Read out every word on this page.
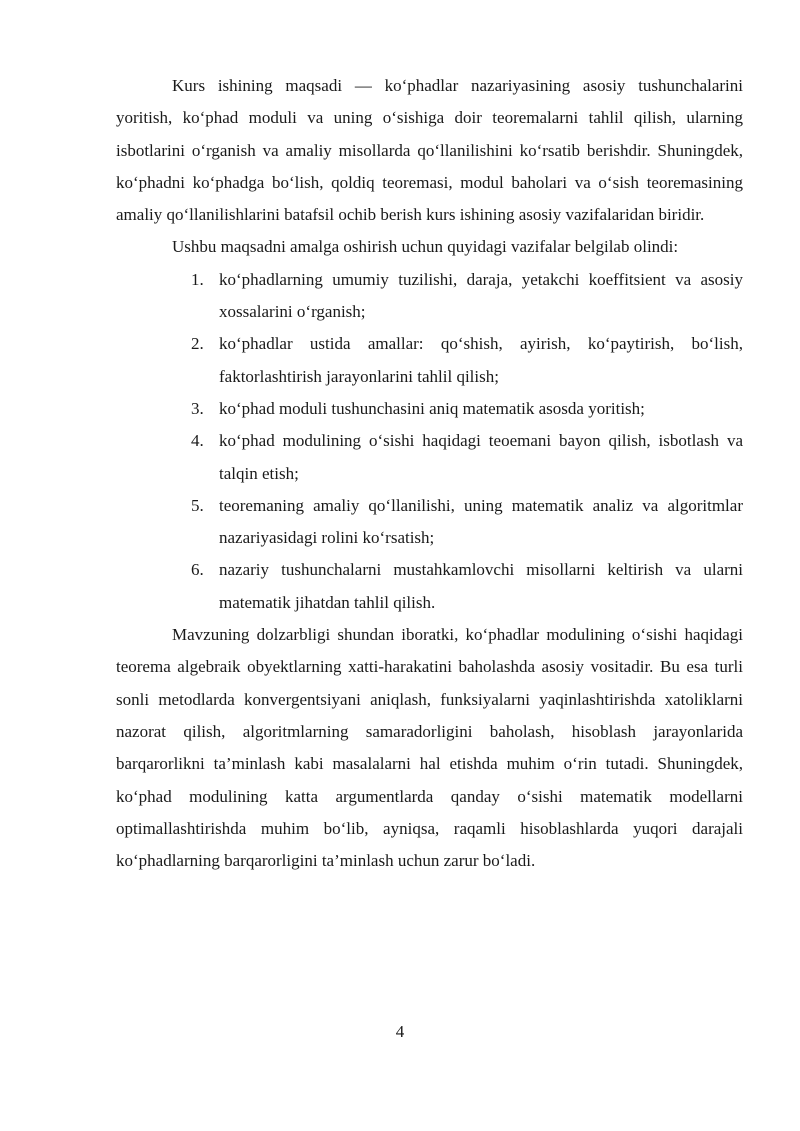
Kurs ishining maqsadi — ko‘phadlar nazariyasining asosiy tushunchalarini yoritish, ko‘phad moduli va uning o‘sishiga doir teoremalarni tahlil qilish, ularning isbotlarini o‘rganish va amaliy misollarda qo‘llanilishini ko‘rsatib berishdir. Shuningdek, ko‘phadni ko‘phadga bo‘lish, qoldiq teoremasi, modul baholari va o‘sish teoremasining amaliy qo‘llanilishlarini batafsil ochib berish kurs ishining asosiy vazifalaridan biridir.

Ushbu maqsadni amalga oshirish uchun quyidagi vazifalar belgilab olindi:

1. ko‘phadlarning umumiy tuzilishi, daraja, yetakchi koeffitsient va asosiy xossalarini o‘rganish;
2. ko‘phadlar ustida amallar: qo‘shish, ayirish, ko‘paytirish, bo‘lish, faktorlashtirish jarayonlarini tahlil qilish;
3. ko‘phad moduli tushunchasini aniq matematik asosda yoritish;
4. ko‘phad modulining o‘sishi haqidagi teoemani bayon qilish, isbotlash va talqin etish;
5. teoremaning amaliy qo‘llanilishi, uning matematik analiz va algoritmlar nazariyasidagi rolini ko‘rsatish;
6. nazariy tushunchalarni mustahkamlovchi misollarni keltirish va ularni matematik jihatdan tahlil qilish.

Mavzuning dolzarbligi shundan iboratki, ko‘phadlar modulining o‘sishi haqidagi teorema algebraik obyektlarning xatti-harakatini baholashda asosiy vositadir. Bu esa turli sonli metodlarda konvergentsiyani aniqlash, funksiyalarni yaqinlashtirishda xatoliklarni nazorat qilish, algoritmlarning samaradorligini baholash, hisoblash jarayonlarida barqarorlikni ta’minlash kabi masalalarni hal etishda muhim o‘rin tutadi. Shuningdek, ko‘phad modulining katta argumentlarda qanday o‘sishi matematik modellarni optimallashtirishda muhim bo‘lib, ayniqsa, raqamli hisoblashlarda yuqori darajali ko‘phadlarning barqarorligini ta’minlash uchun zarur bo‘ladi.

4
